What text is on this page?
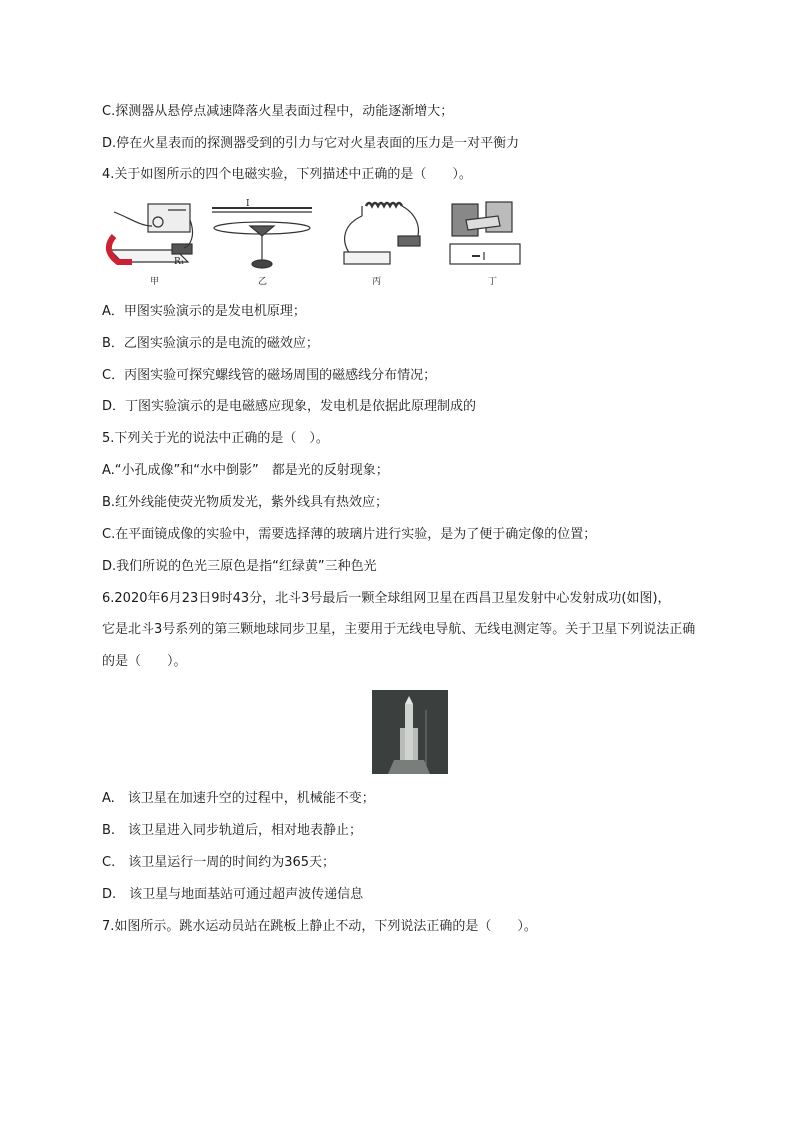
C.探测器从悬停点减速降落火星表面过程中，动能逐渐增大；
D.停在火星表而的探测器受到的引力与它对火星表面的压力是一对平衡力
4.关于如图所示的四个电磁实验，下列描述中正确的是（　　）。
甲
R₁
I
乙	丙	丁
A．甲图实验演示的是发电机原理；
B．乙图实验演示的是电流的磁效应；
C．丙图实验可探究螺线管的磁场周围的磁感线分布情况；
D．丁图实验演示的是电磁感应现象，发电机是依据此原理制成的
5.下列关于光的说法中正确的是（　）。
A.“小孔成像”和“水中倒影”　都是光的反射现象；
B.红外线能使荧光物质发光，紫外线具有热效应；
C.在平面镜成像的实验中，需要选择薄的玻璃片进行实验，是为了便于确定像的位置；
D.我们所说的色光三原色是指“红绿黄”三种色光
6.2020年6月23日9时43分，北斗3号最后一颗全球组网卫星在西昌卫星发射中心发射成功(如图)，
它是北斗3号系列的第三颗地球同步卫星，主要用于无线电导航、无线电测定等。关于卫星下列说法正确
的是（　　）。
A.　该卫星在加速升空的过程中，机械能不变；
B.　该卫星进入同步轨道后，相对地表静止；
C.　该卫星运行一周的时间约为365天；
D.　该卫星与地面基站可通过超声波传递信息
7.如图所示。跳水运动员站在跳板上静止不动，下列说法正确的是（　　）。
